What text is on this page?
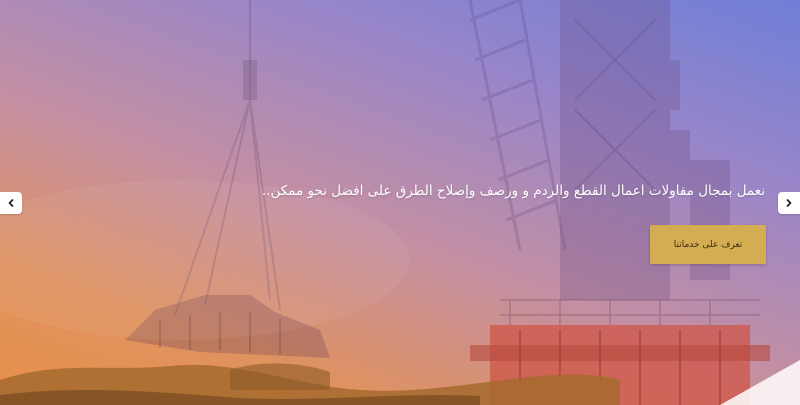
نعمل بمجال مقاولات اعمال القطع والردم و ورصف وإصلاح الطرق على افضل نحو ممكن..

تعرف على خدماتنا
